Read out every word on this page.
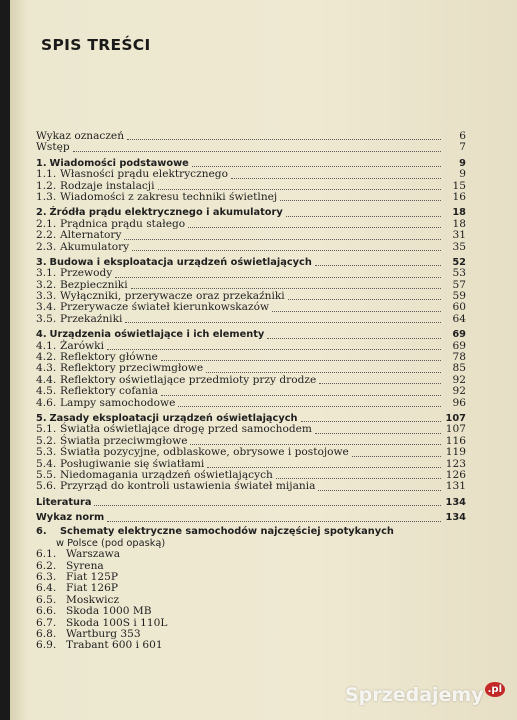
SPIS TREŚCI
Wykaz oznaczeń	6
Wstęp	7
1. Wiadomości podstawowe	9
1.1. Własności prądu elektrycznego	9
1.2. Rodzaje instalacji	15
1.3. Wiadomości z zakresu techniki świetlnej	16
2. Źródła prądu elektrycznego i akumulatory	18
2.1. Prądnica prądu stałego	18
2.2. Alternatory	31
2.3. Akumulatory	35
3. Budowa i eksploatacja urządzeń oświetlających	52
3.1. Przewody	53
3.2. Bezpieczniki	57
3.3. Wyłączniki, przerywacze oraz przekaźniki	59
3.4. Przerywacze świateł kierunkowskazów	60
3.5. Przekaźniki	64
4. Urządzenia oświetlające i ich elementy	69
4.1. Żarówki	69
4.2. Reflektory główne	78
4.3. Reflektory przeciwmgłowe	85
4.4. Reflektory oświetlające przedmioty przy drodze	92
4.5. Reflektory cofania	92
4.6. Lampy samochodowe	96
5. Zasady eksploatacji urządzeń oświetlających	107
5.1. Światła oświetlające drogę przed samochodem	107
5.2. Światła przeciwmgłowe	116
5.3. Światła pozycyjne, odblaskowe, obrysowe i postojowe	119
5.4. Posługiwanie się światłami	123
5.5. Niedomagania urządzeń oświetlających	126
5.6. Przyrząd do kontroli ustawienia świateł mijania	131
Literatura	134
Wykaz norm	134
6.	Schematy elektryczne samochodów najczęściej spotykanych
w Polsce (pod opaską)
6.1. Warszawa
6.2. Syrena
6.3. Fiat 125P
6.4. Fiat 126P
6.5. Moskwicz
6.6. Skoda 1000 MB
6.7. Skoda 100S i 110L
6.8. Wartburg 353
6.9. Trabant 600 i 601
Sprzedajemy $^{.pl}$
